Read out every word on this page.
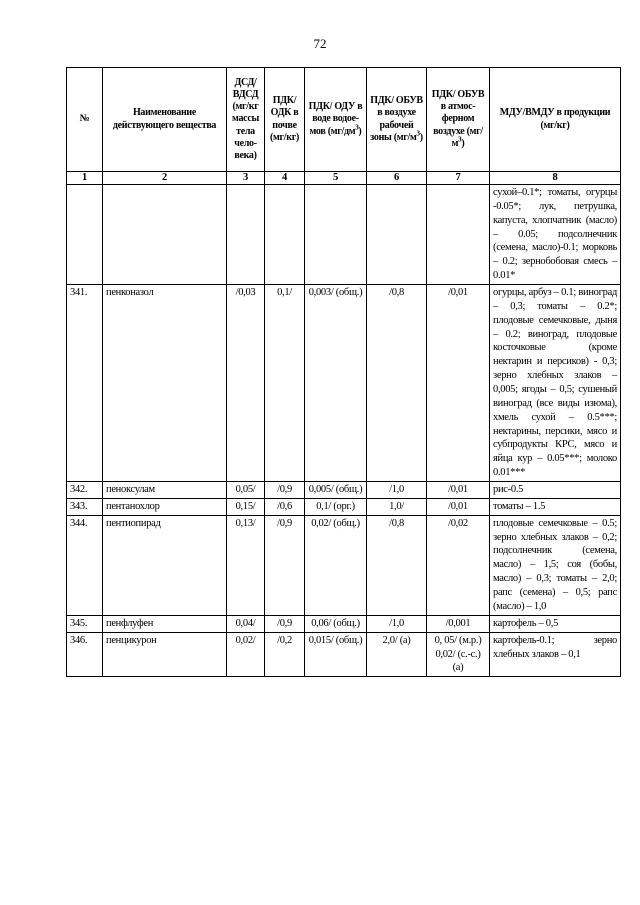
72
№	Наименование действующего вещества	ДСД/ ВДСД (мг/кг массы тела чело-века)	ПДК/ ОДК в почве (мг/кг)	ПДК/ ОДУ в воде водое-мов $(мг/дм^3)$	ПДК/ ОБУВ в воздухе рабочей зоны $(мг/м^3)$	ПДК/ ОБУВ в атмос-ферном воздухе $(мг/м^3)$	МДУ/ВМДУ в продукции (мг/кг)
1	2	3	4	5	6	7	8
							сухой–0.1*; томаты, огурцы -0.05*; лук, петрушка, капуста, хлопчатник (масло) – 0.05; подсолнечник (семена, масло)-0.1; морковь – 0.2; зернобобовая смесь – 0.01*
341.	пенконазол	/0,03	0,1/	0,003/ (общ.)	/0,8	/0,01	огурцы, арбуз – 0.1; виноград – 0,3; томаты – 0.2*; плодовые семечковые, дыня – 0.2; виноград, плодовые косточковые (кроме нектарин и персиков) - 0,3; зерно хлебных злаков – 0,005; ягоды – 0,5; сушеный виноград (все виды изюма), хмель сухой – 0.5***; нектарины, персики, мясо и субпродукты КРС, мясо и яйца кур – 0.05***; молоко 0.01***
342.	пеноксулам	0,05/	/0,9	0,005/ (общ.)	/1,0	/0,01	рис-0.5
343.	пентанохлор	0,15/	/0,6	0,1/ (орг.)	1,0/	/0,01	томаты – 1.5
344.	пентиопирад	0,13/	/0,9	0,02/ (общ.)	/0,8	/0,02	плодовые семечковые – 0.5; зерно хлебных злаков – 0,2; подсолнечник (семена, масло) – 1,5; соя (бобы, масло) – 0,3; томаты – 2,0; рапс (семена) – 0,5; рапс (масло) – 1,0
345.	пенфлуфен	0,04/	/0,9	0,06/ (общ.)	/1,0	/0,001	картофель – 0,5
346.	пенцикурон	0,02/	/0,2	0,015/ (общ.)	2,0/ (а)	0, 05/ (м.р.) 0,02/ (с.-с.) (а)	картофель-0.1; зерно хлебных злаков – 0,1
